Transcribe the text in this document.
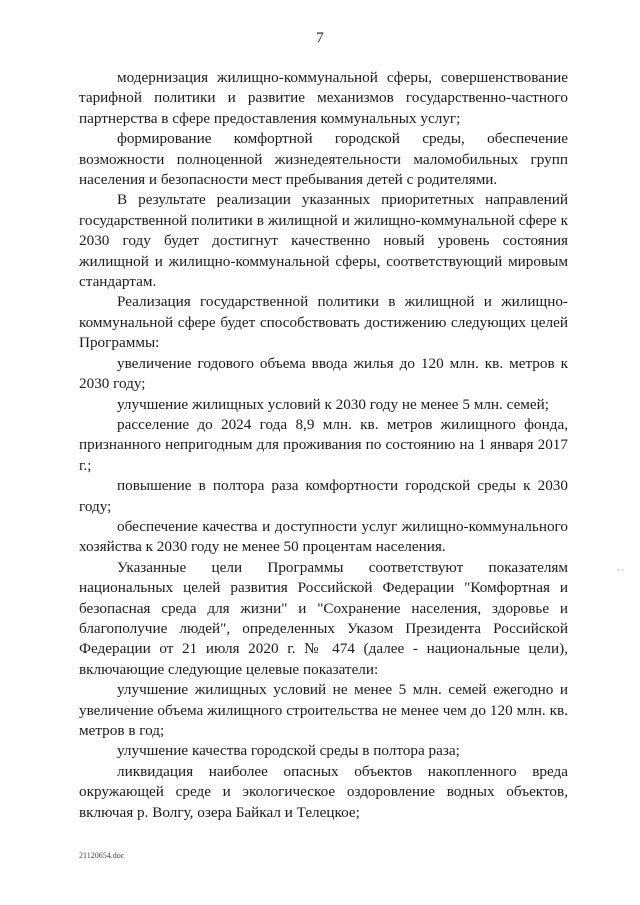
7

модернизация жилищно-коммунальной сферы, совершенствование тарифной политики и развитие механизмов государственно-частного партнерства в сфере предоставления коммунальных услуг;

формирование комфортной городской среды, обеспечение возможности полноценной жизнедеятельности маломобильных групп населения и безопасности мест пребывания детей с родителями.

В результате реализации указанных приоритетных направлений государственной политики в жилищной и жилищно-коммунальной сфере к 2030 году будет достигнут качественно новый уровень состояния жилищной и жилищно-коммунальной сферы, соответствующий мировым стандартам.

Реализация государственной политики в жилищной и жилищно-коммунальной сфере будет способствовать достижению следующих целей Программы:

увеличение годового объема ввода жилья до 120 млн. кв. метров к 2030 году;

улучшение жилищных условий к 2030 году не менее 5 млн. семей;

расселение до 2024 года 8,9 млн. кв. метров жилищного фонда, признанного непригодным для проживания по состоянию на 1 января 2017 г.;

повышение в полтора раза комфортности городской среды к 2030 году;

обеспечение качества и доступности услуг жилищно-коммунального хозяйства к 2030 году не менее 50 процентам населения.

Указанные цели Программы соответствуют показателям национальных целей развития Российской Федерации "Комфортная и безопасная среда для жизни" и "Сохранение населения, здоровье и благополучие людей", определенных Указом Президента Российской Федерации от 21 июля 2020 г. № 474 (далее - национальные цели), включающие следующие целевые показатели:

улучшение жилищных условий не менее 5 млн. семей ежегодно и увеличение объема жилищного строительства не менее чем до 120 млн. кв. метров в год;

улучшение качества городской среды в полтора раза;

ликвидация наиболее опасных объектов накопленного вреда окружающей среде и экологическое оздоровление водных объектов, включая р. Волгу, озера Байкал и Телецкое;

· ·
21120654.doc
